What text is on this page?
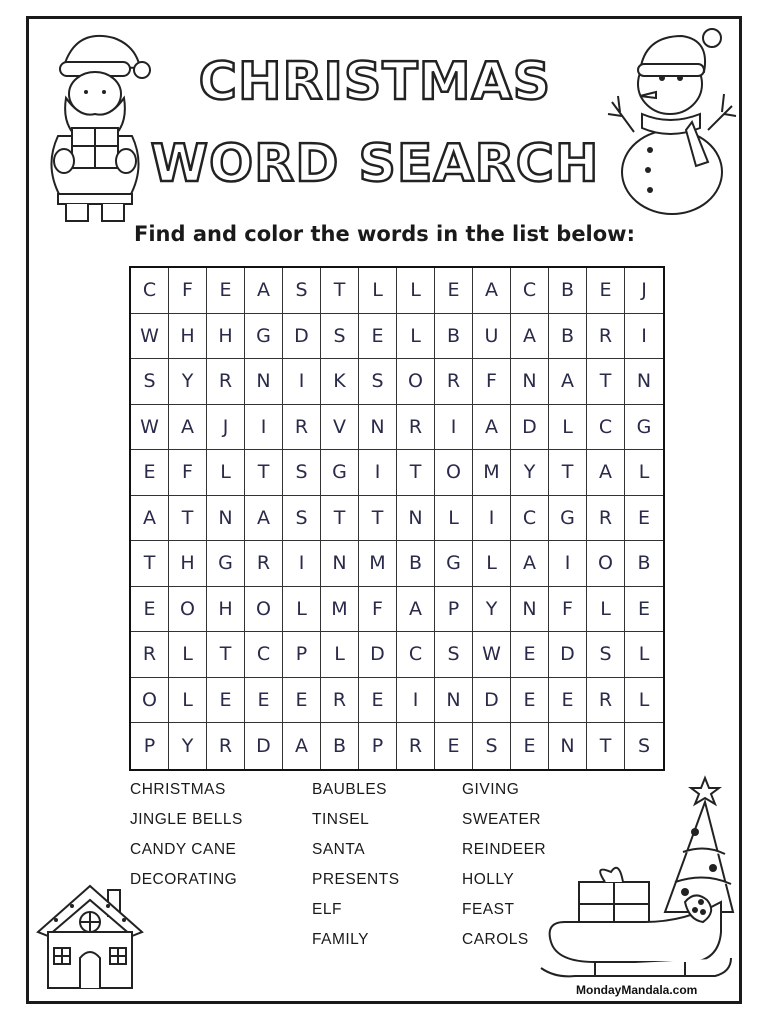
CHRISTMAS
WORD SEARCH
Find and color the words in the list below:
C	F	E	A	S	T	L	L	E	A	C	B	E	J
W	H	H	G	D	S	E	L	B	U	A	B	R	I
S	Y	R	N	I	K	S	O	R	F	N	A	T	N
W	A	J	I	R	V	N	R	I	A	D	L	C	G
E	F	L	T	S	G	I	T	O	M	Y	T	A	L
A	T	N	A	S	T	T	N	L	I	C	G	R	E
T	H	G	R	I	N	M	B	G	L	A	I	O	B
E	O	H	O	L	M	F	A	P	Y	N	F	L	E
R	L	T	C	P	L	D	C	S	W	E	D	S	L
O	L	E	E	E	R	E	I	N	D	E	E	R	L
P	Y	R	D	A	B	P	R	E	S	E	N	T	S
CHRISTMAS
JINGLE BELLS
CANDY CANE
DECORATING
BAUBLES
TINSEL
SANTA
PRESENTS
ELF
FAMILY
GIVING
SWEATER
REINDEER
HOLLY
FEAST
CAROLS
MondayMandala.com
